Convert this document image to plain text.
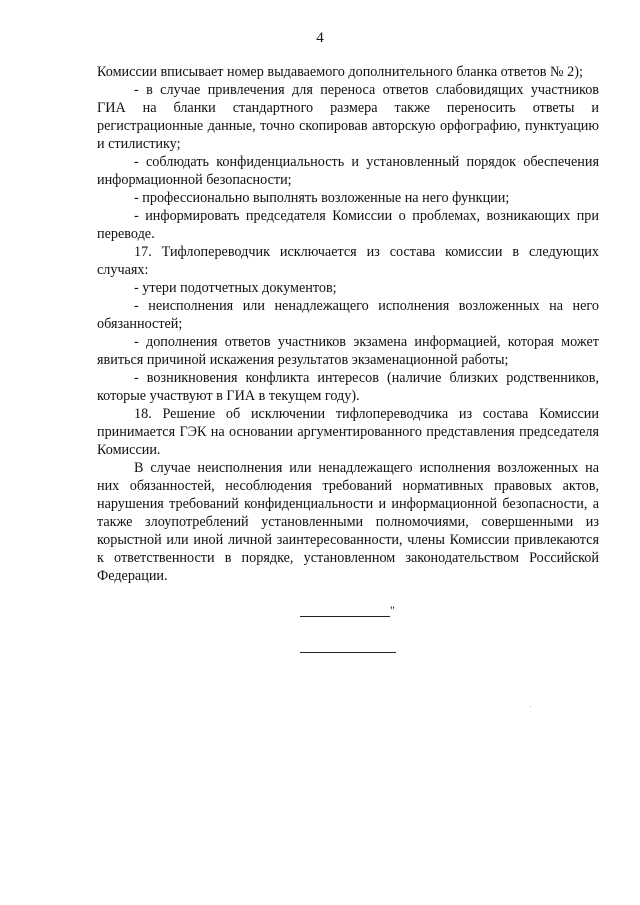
4

Комиссии вписывает номер выдаваемого дополнительного бланка ответов № 2);

- в случае привлечения для переноса ответов слабовидящих участников ГИА на бланки стандартного размера также переносить ответы и регистрационные данные, точно скопировав авторскую орфографию, пунктуацию и стилистику;

- соблюдать конфиденциальность и установленный порядок обеспечения информационной безопасности;

- профессионально выполнять возложенные на него функции;

- информировать председателя Комиссии о проблемах, возникающих при переводе.

17. Тифлопереводчик исключается из состава комиссии в следующих случаях:

- утери подотчетных документов;

- неисполнения или ненадлежащего исполнения возложенных на него обязанностей;

- дополнения ответов участников экзамена информацией, которая может явиться причиной искажения результатов экзаменационной работы;

- возникновения конфликта интересов (наличие близких родственников, которые участвуют в ГИА в текущем году).

18. Решение об исключении тифлопереводчика из состава Комиссии принимается ГЭК на основании аргументированного представления председателя Комиссии.

В случае неисполнения или ненадлежащего исполнения возложенных на них обязанностей, несоблюдения требований нормативных правовых актов, нарушения требований конфиденциальности и информационной безопасности, а также злоупотреблений установленными полномочиями, совершенными из корыстной или иной личной заинтересованности, члены Комиссии привлекаются к ответственности в порядке, установленном законодательством Российской Федерации.

"
